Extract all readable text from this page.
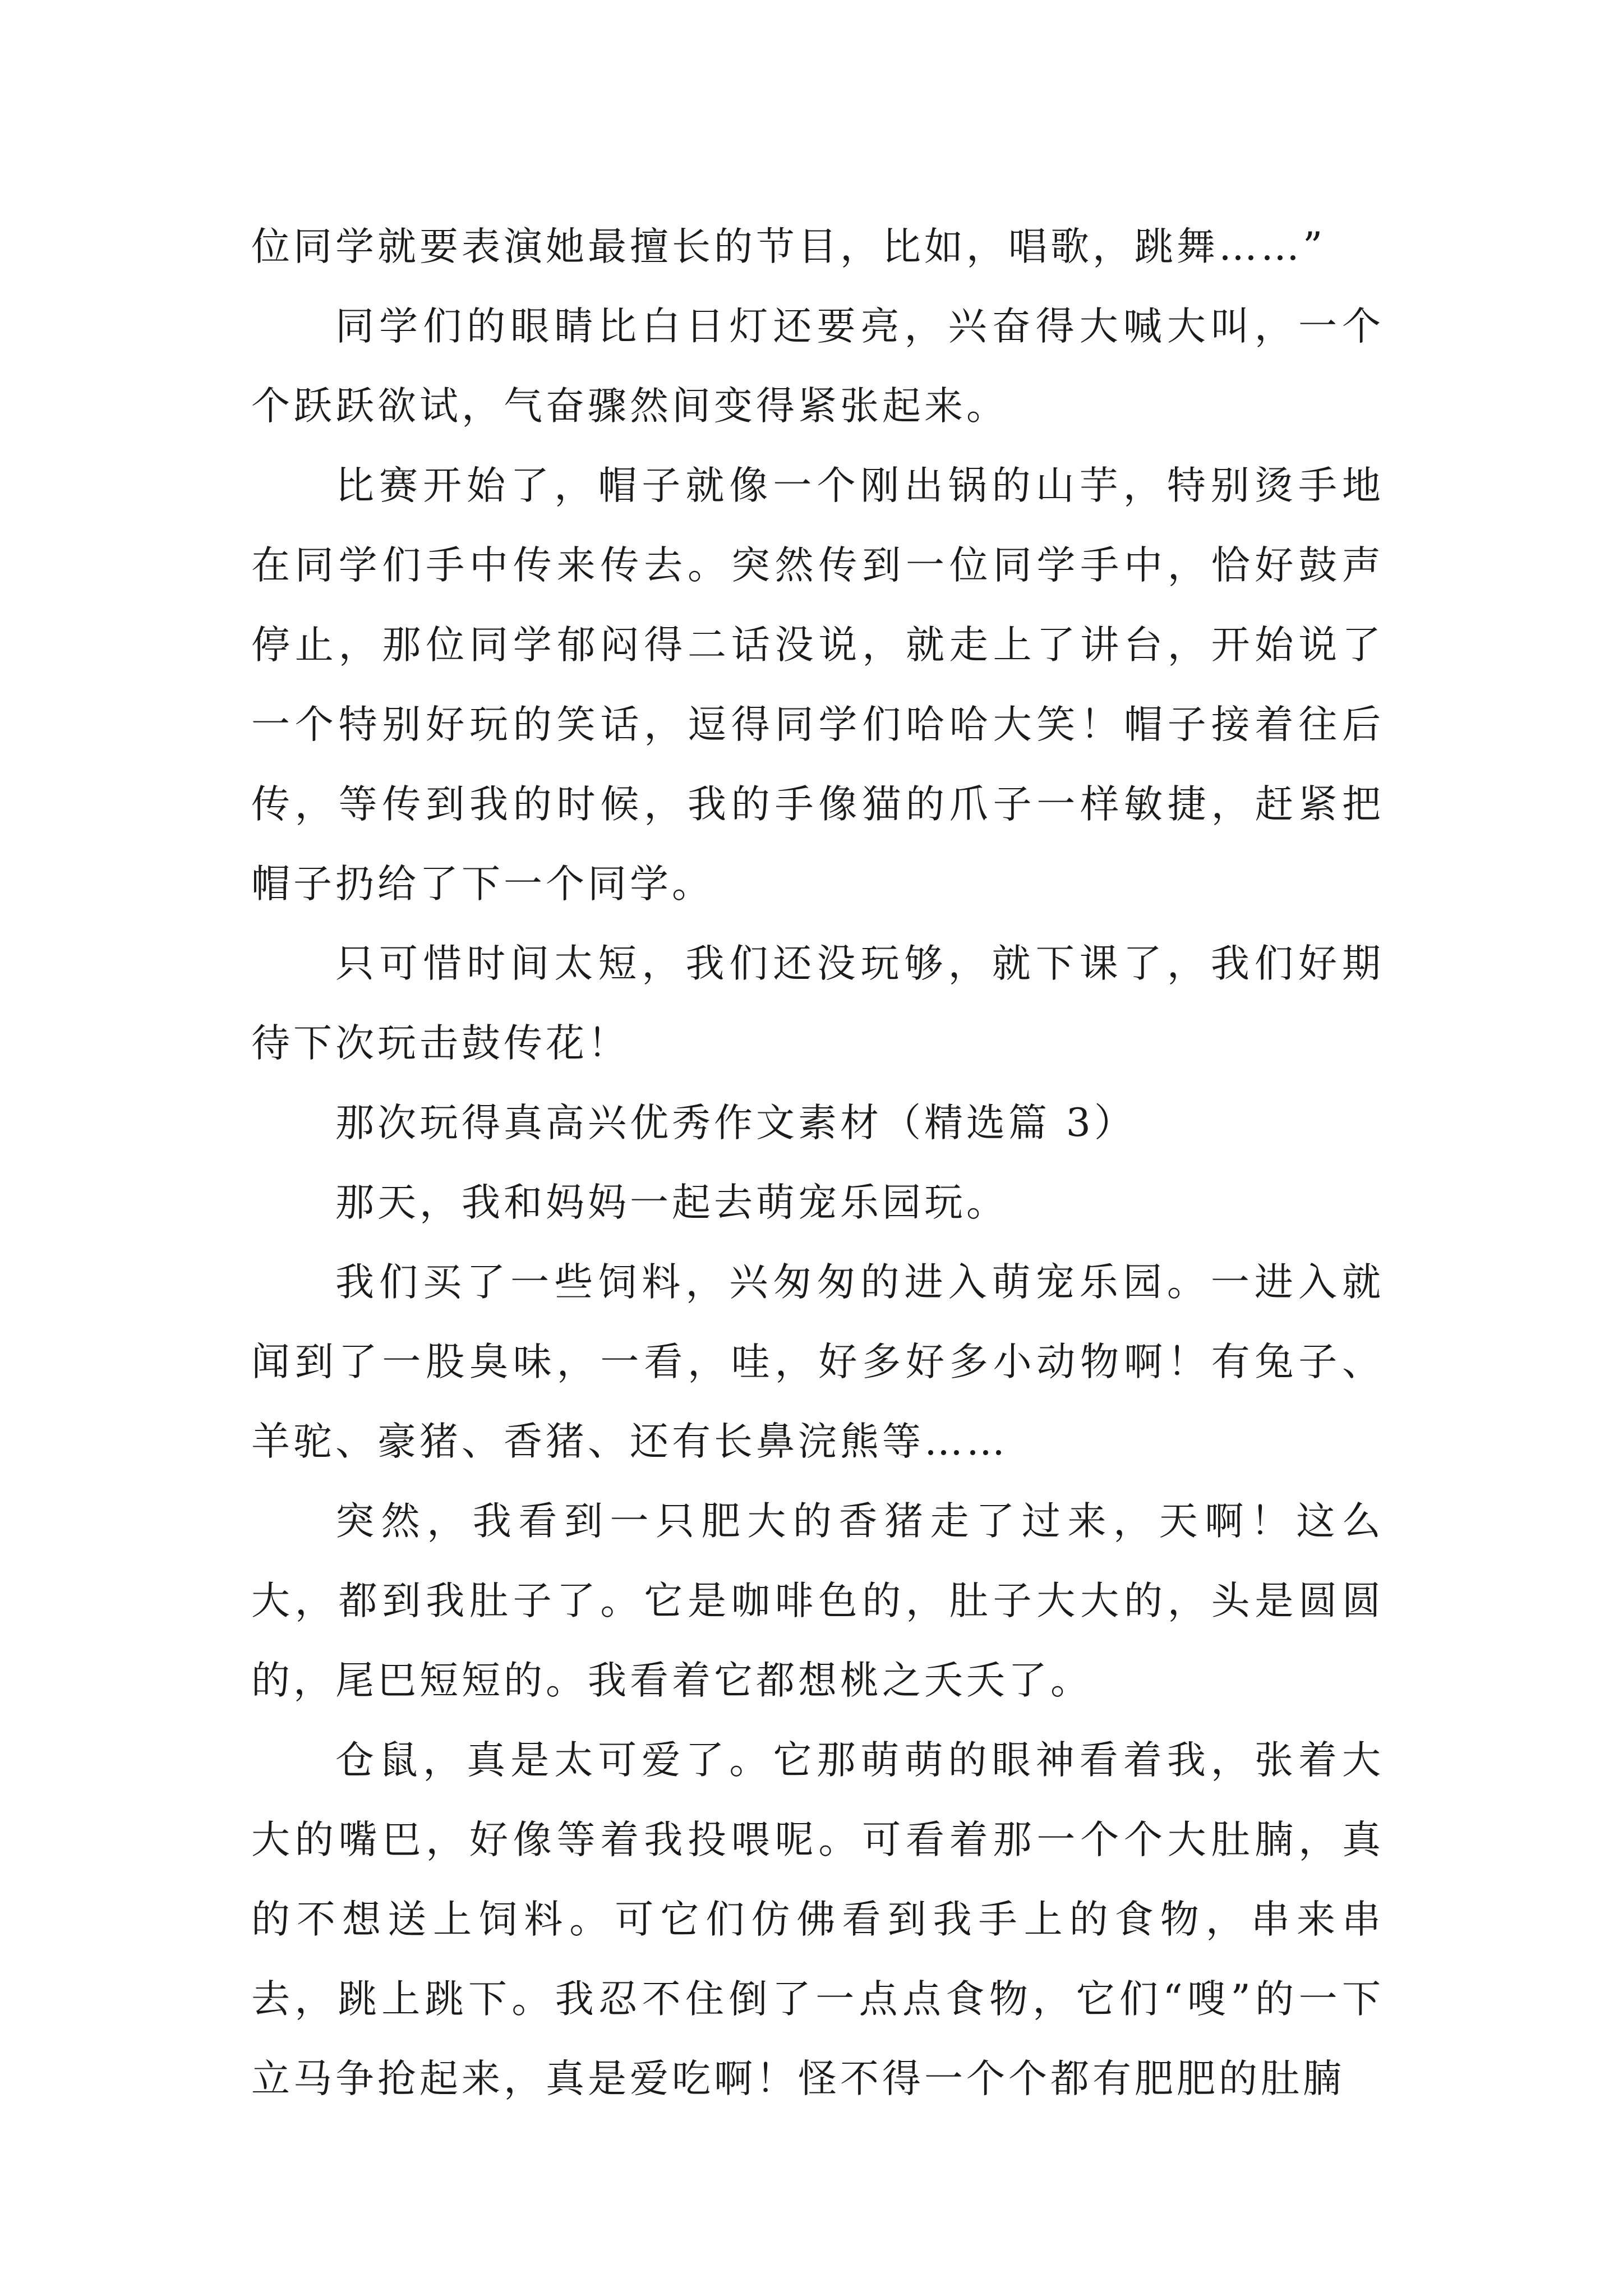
位同学就要表演她最擅长的节目，比如，唱歌，跳舞……”

同学们的眼睛比白日灯还要亮，兴奋得大喊大叫，一个个跃跃欲试，气奋骤然间变得紧张起来。

比赛开始了，帽子就像一个刚出锅的山芋，特别烫手地在同学们手中传来传去。突然传到一位同学手中，恰好鼓声停止，那位同学郁闷得二话没说，就走上了讲台，开始说了一个特别好玩的笑话，逗得同学们哈哈大笑！帽子接着往后传，等传到我的时候，我的手像猫的爪子一样敏捷，赶紧把帽子扔给了下一个同学。

只可惜时间太短，我们还没玩够，就下课了，我们好期待下次玩击鼓传花！

那次玩得真高兴优秀作文素材（精选篇 3）

那天，我和妈妈一起去萌宠乐园玩。

我们买了一些饲料，兴匆匆的进入萌宠乐园。一进入就闻到了一股臭味，一看，哇，好多好多小动物啊！有兔子、羊驼、豪猪、香猪、还有长鼻浣熊等……

突然，我看到一只肥大的香猪走了过来，天啊！这么大，都到我肚子了。它是咖啡色的，肚子大大的，头是圆圆的，尾巴短短的。我看着它都想桃之夭夭了。

仓鼠，真是太可爱了。它那萌萌的眼神看着我，张着大大的嘴巴，好像等着我投喂呢。可看着那一个个大肚腩，真的不想送上饲料。可它们仿佛看到我手上的食物，串来串去，跳上跳下。我忍不住倒了一点点食物，它们“嗖”的一下立马争抢起来，真是爱吃啊！怪不得一个个都有肥肥的肚腩
